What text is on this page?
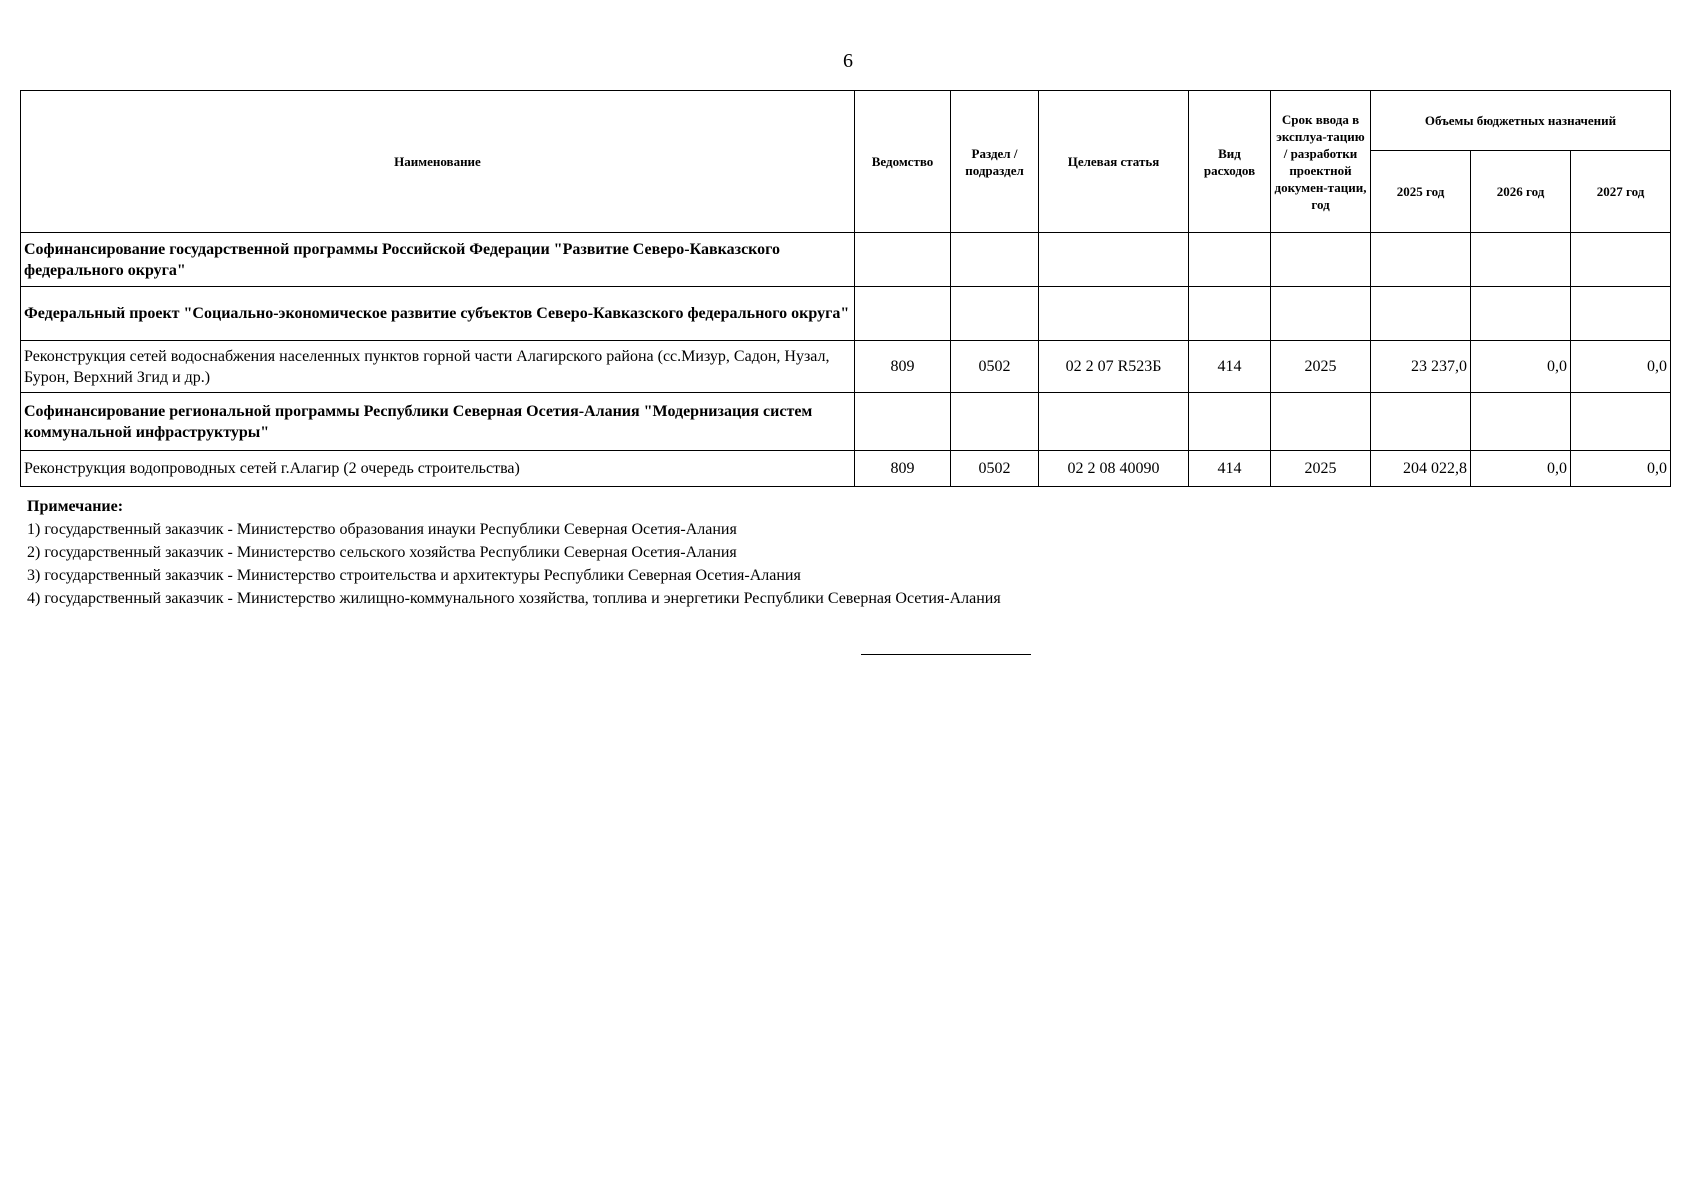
6
Наименование	Ведомство	Раздел / подраздел	Целевая статья	Вид расходов	Срок ввода в эксплуа-тацию / разработки проектной докумен-тации, год	Объемы бюджетных назначений		
						2025 год	2026 год	2027 год
Софинансирование государственной программы Российской Федерации "Развитие Северо-Кавказского федерального округа"								
Федеральный проект "Социально-экономическое развитие субъектов Северо-Кавказского федерального округа"								
Реконструкция сетей водоснабжения населенных пунктов горной части Алагирского района (сс.Мизур, Садон, Нузал, Бурон, Верхний Згид и др.)	809	0502	02 2 07 R523Б	414	2025	23 237,0	0,0	0,0
Софинансирование региональной программы Республики Северная Осетия-Алания "Модернизация систем коммунальной инфраструктуры"								
Реконструкция водопроводных сетей г.Алагир (2 очередь строительства)	809	0502	02 2 08 40090	414	2025	204 022,8	0,0	0,0
Примечание:
1) государственный заказчик - Министерство образования инауки Республики Северная Осетия-Алания
2) государственный заказчик - Министерство сельского хозяйства Республики Северная Осетия-Алания
3) государственный заказчик - Министерство строительства и архитектуры Республики Северная Осетия-Алания
4) государственный заказчик - Министерство жилищно-коммунального хозяйства, топлива и энергетики Республики Северная Осетия-Алания
